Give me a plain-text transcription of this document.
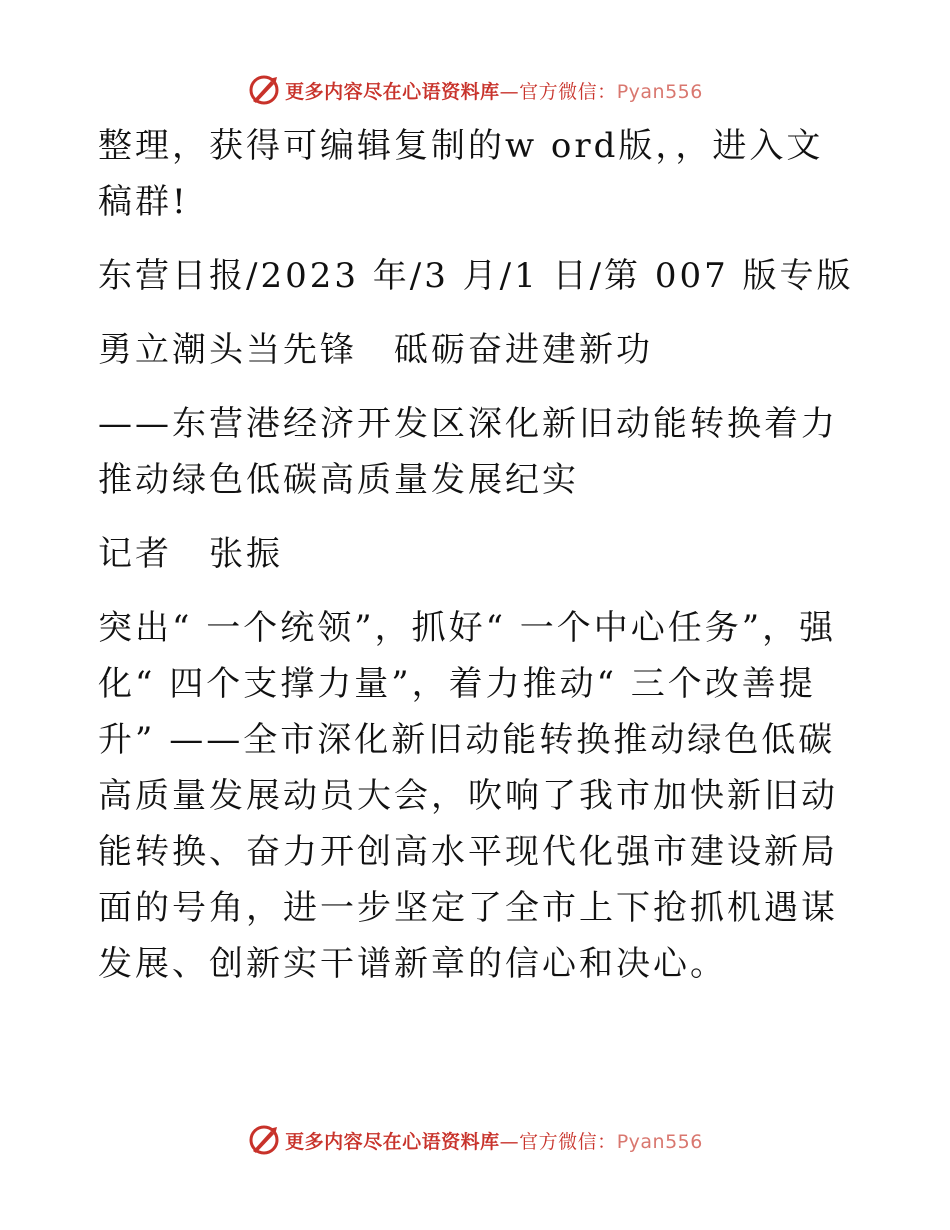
更多内容尽在心语资料库 —官方微信：Pyan556

整理，获得可编辑复制的w ord版，，进入文稿群!

东营日报/2023 年/3 月/1 日/第 007 版专版

勇立潮头当先锋　砥砺奋进建新功

——东营港经济开发区深化新旧动能转换着力推动绿色低碳高质量发展纪实

记者　张振

突出“ 一个统领”，抓好“ 一个中心任务”，强化“ 四个支撑力量”，着力推动“ 三个改善提升” ——全市深化新旧动能转换推动绿色低碳高质量发展动员大会，吹响了我市加快新旧动能转换、奋力开创高水平现代化强市建设新局面的号角，进一步坚定了全市上下抢抓机遇谋发展、创新实干谱新章的信心和决心。

更多内容尽在心语资料库 —官方微信：Pyan556
